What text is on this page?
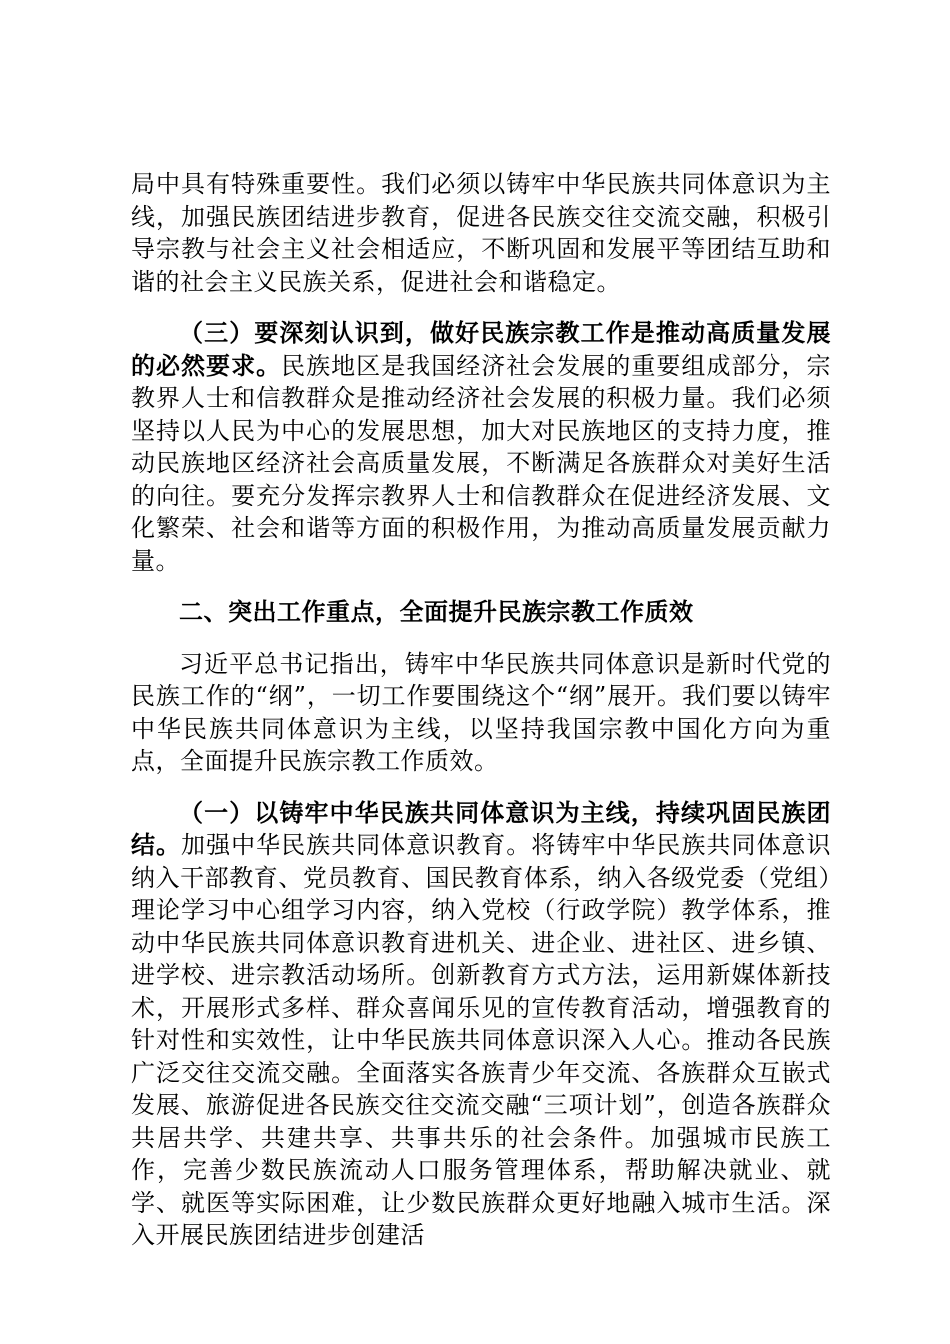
局中具有特殊重要性。我们必须以铸牢中华民族共同体意识为主线，加强民族团结进步教育，促进各民族交往交流交融，积极引导宗教与社会主义社会相适应，不断巩固和发展平等团结互助和谐的社会主义民族关系，促进社会和谐稳定。

（三）要深刻认识到，做好民族宗教工作是推动高质量发展的必然要求。民族地区是我国经济社会发展的重要组成部分，宗教界人士和信教群众是推动经济社会发展的积极力量。我们必须坚持以人民为中心的发展思想，加大对民族地区的支持力度，推动民族地区经济社会高质量发展，不断满足各族群众对美好生活的向往。要充分发挥宗教界人士和信教群众在促进经济发展、文化繁荣、社会和谐等方面的积极作用，为推动高质量发展贡献力量。

二、突出工作重点，全面提升民族宗教工作质效

习近平总书记指出，铸牢中华民族共同体意识是新时代党的民族工作的“纲”，一切工作要围绕这个“纲”展开。我们要以铸牢中华民族共同体意识为主线，以坚持我国宗教中国化方向为重点，全面提升民族宗教工作质效。

（一）以铸牢中华民族共同体意识为主线，持续巩固民族团结。加强中华民族共同体意识教育。将铸牢中华民族共同体意识纳入干部教育、党员教育、国民教育体系，纳入各级党委（党组）理论学习中心组学习内容，纳入党校（行政学院）教学体系，推动中华民族共同体意识教育进机关、进企业、进社区、进乡镇、进学校、进宗教活动场所。创新教育方式方法，运用新媒体新技术，开展形式多样、群众喜闻乐见的宣传教育活动，增强教育的针对性和实效性，让中华民族共同体意识深入人心。推动各民族广泛交往交流交融。全面落实各族青少年交流、各族群众互嵌式发展、旅游促进各民族交往交流交融“三项计划”，创造各族群众共居共学、共建共享、共事共乐的社会条件。加强城市民族工作，完善少数民族流动人口服务管理体系，帮助解决就业、就学、就医等实际困难，让少数民族群众更好地融入城市生活。深入开展民族团结进步创建活
